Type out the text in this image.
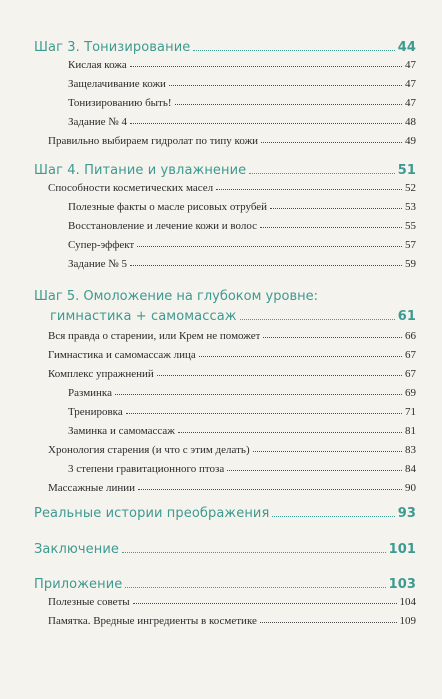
Шаг 3. Тонизирование	44
Кислая кожа	47
Защелачивание кожи	47
Тонизированию быть!	47
Задание № 4	48
Правильно выбираем гидролат по типу кожи	49
Шаг 4. Питание и увлажнение	51
Способности косметических масел	52
Полезные факты о масле рисовых отрубей	53
Восстановление и лечение кожи и волос	55
Супер-эффект	57
Задание № 5	59
Шаг 5. Омоложение на глубоком уровне:
гимнастика + самомассаж	61
Вся правда о старении, или Крем не поможет	66
Гимнастика и самомассаж лица	67
Комплекс упражнений	67
Разминка	69
Тренировка	71
Заминка и самомассаж	81
Хронология старения (и что с этим делать)	83
3 степени гравитационного птоза	84
Массажные линии	90
Реальные истории преображения	93
Заключение	101
Приложение	103
Полезные советы	104
Памятка. Вредные ингредиенты в косметике	109
